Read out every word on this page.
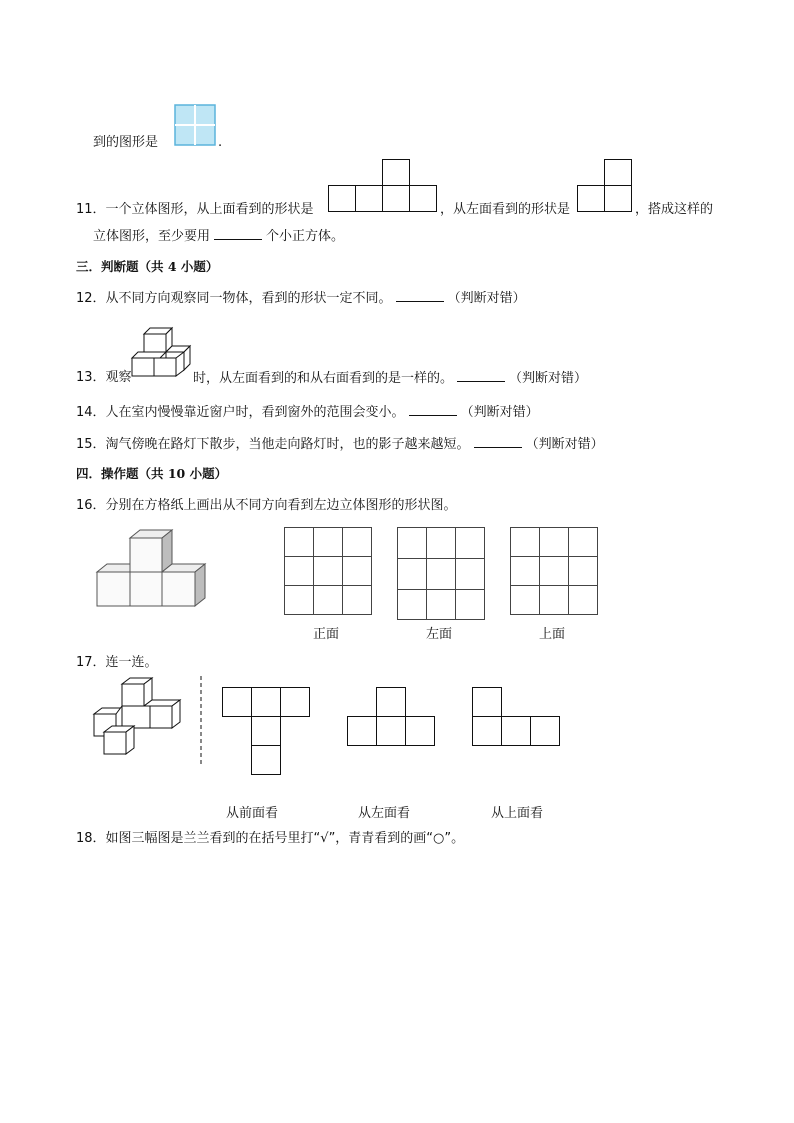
到的图形是	.
11．一个立体图形，从上面看到的形状是	，从左面看到的形状是	，搭成这样的
立体图形，至少要用	个小正方体。
三．判断题（共 4 小题）
12．从不同方向观察同一物体，看到的形状一定不同。	（判断对错）
13．观察	时，从左面看到的和从右面看到的是一样的。	（判断对错）
14．人在室内慢慢靠近窗户时，看到窗外的范围会变小。	（判断对错）
15．淘气傍晚在路灯下散步，当他走向路灯时，也的影子越来越短。	（判断对错）
四．操作题（共 10 小题）
16．分别在方格纸上画出从不同方向看到左边立体图形的形状图。
正面	左面	上面
17．连一连。
从前面看	从左面看	从上面看
18．如图三幅图是兰兰看到的在括号里打“√”，青青看到的画“○”。
